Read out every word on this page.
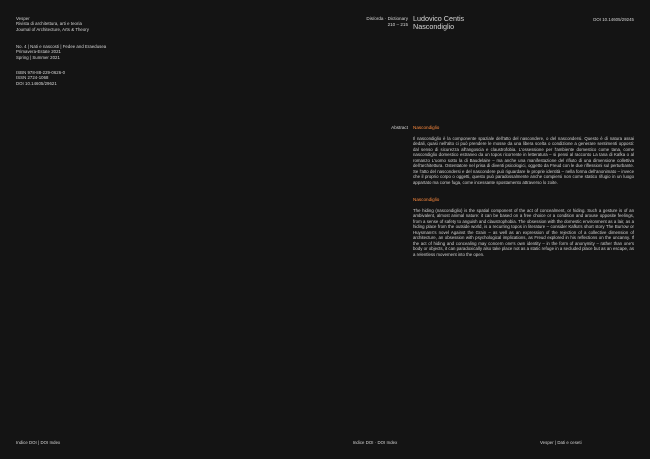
Vesper
Rivista di architettura, arti e teoria
Journal of Architecture, Arts & Theory
No. 4 | Nati e nascosti | Fedee and Eraedusea
Primavera-Estate 2021
Spring | Summer 2021
ISBN 978-88-229-0626-0
ISSN 2724-1068
DOI 10.14605/29621
Dis/orda · Dictionary
210 – 215
Ludovico Centis
Nascondiglio
DOI 10.14605/29245
Abstract Nascondiglio
Il nascondiglio è la componente spaziale dell'atto del nascondere, o del nascondersi. Questo è di natura assai dedali, quasi nell'alto ci può prendere le mosse da una libera scelta o condizione a generare sentimenti opposti: dal senso di sicurezza all'angoscia e claustrofobia. L'ossessione per l'ambiente domestico come tana, come nascondiglio domestico estraneo da un topos ricorrente in letteratura – si pensi al racconto La tana di Kafka o al romanzo L'uomo sotto la di Baudelaire – ma anche una manifestazione del rifiuto di una dimensione collettiva dell'architettura. Ostentatore nel prisa di diventi psicologici, oggetto da Freud con le due riflessioni sul perturbante. Se l'atto del nascondersi e del nascondere può riguardare le proprie identità – nella forma dell'anonimato – invece che il proprio corpo o oggetti, questo può paradossalmente anche compiersi non come statico rifugio in un luogo appartato ma come fuga, come incessante spostamento attraverso lo zoite.
Nascondiglio
The hiding (nascondiglio) is the spatial component of the act of concealment, or hiding. Such a gesture is of an ambivalent, almost animal nature: it can be based on a free choice or a condition and arouse opposite feelings, from a sense of safety to anguish and claustrophobia. The obsession with the domestic environment as a lair, as a hiding place from the outside world, is a recurring topos in literature – consider Kafka's short story The Burrow or Huysmans's novel Against the Grain – as well as an expression of the rejection of a collective dimension of architecture, an obsession with psychological implications, as Freud explored in his reflections on the uncanny. If the act of hiding and concealing may concern one's own identity – in the form of anonymity – rather than one's body or objects, it can paradoxically also take place not as a static refuge in a secluded place but as an escape, as a relentless movement into the open.
Indice DOI | DOI Index	Indice DOI · DOI Index	Vesper | Dati e ceseti
